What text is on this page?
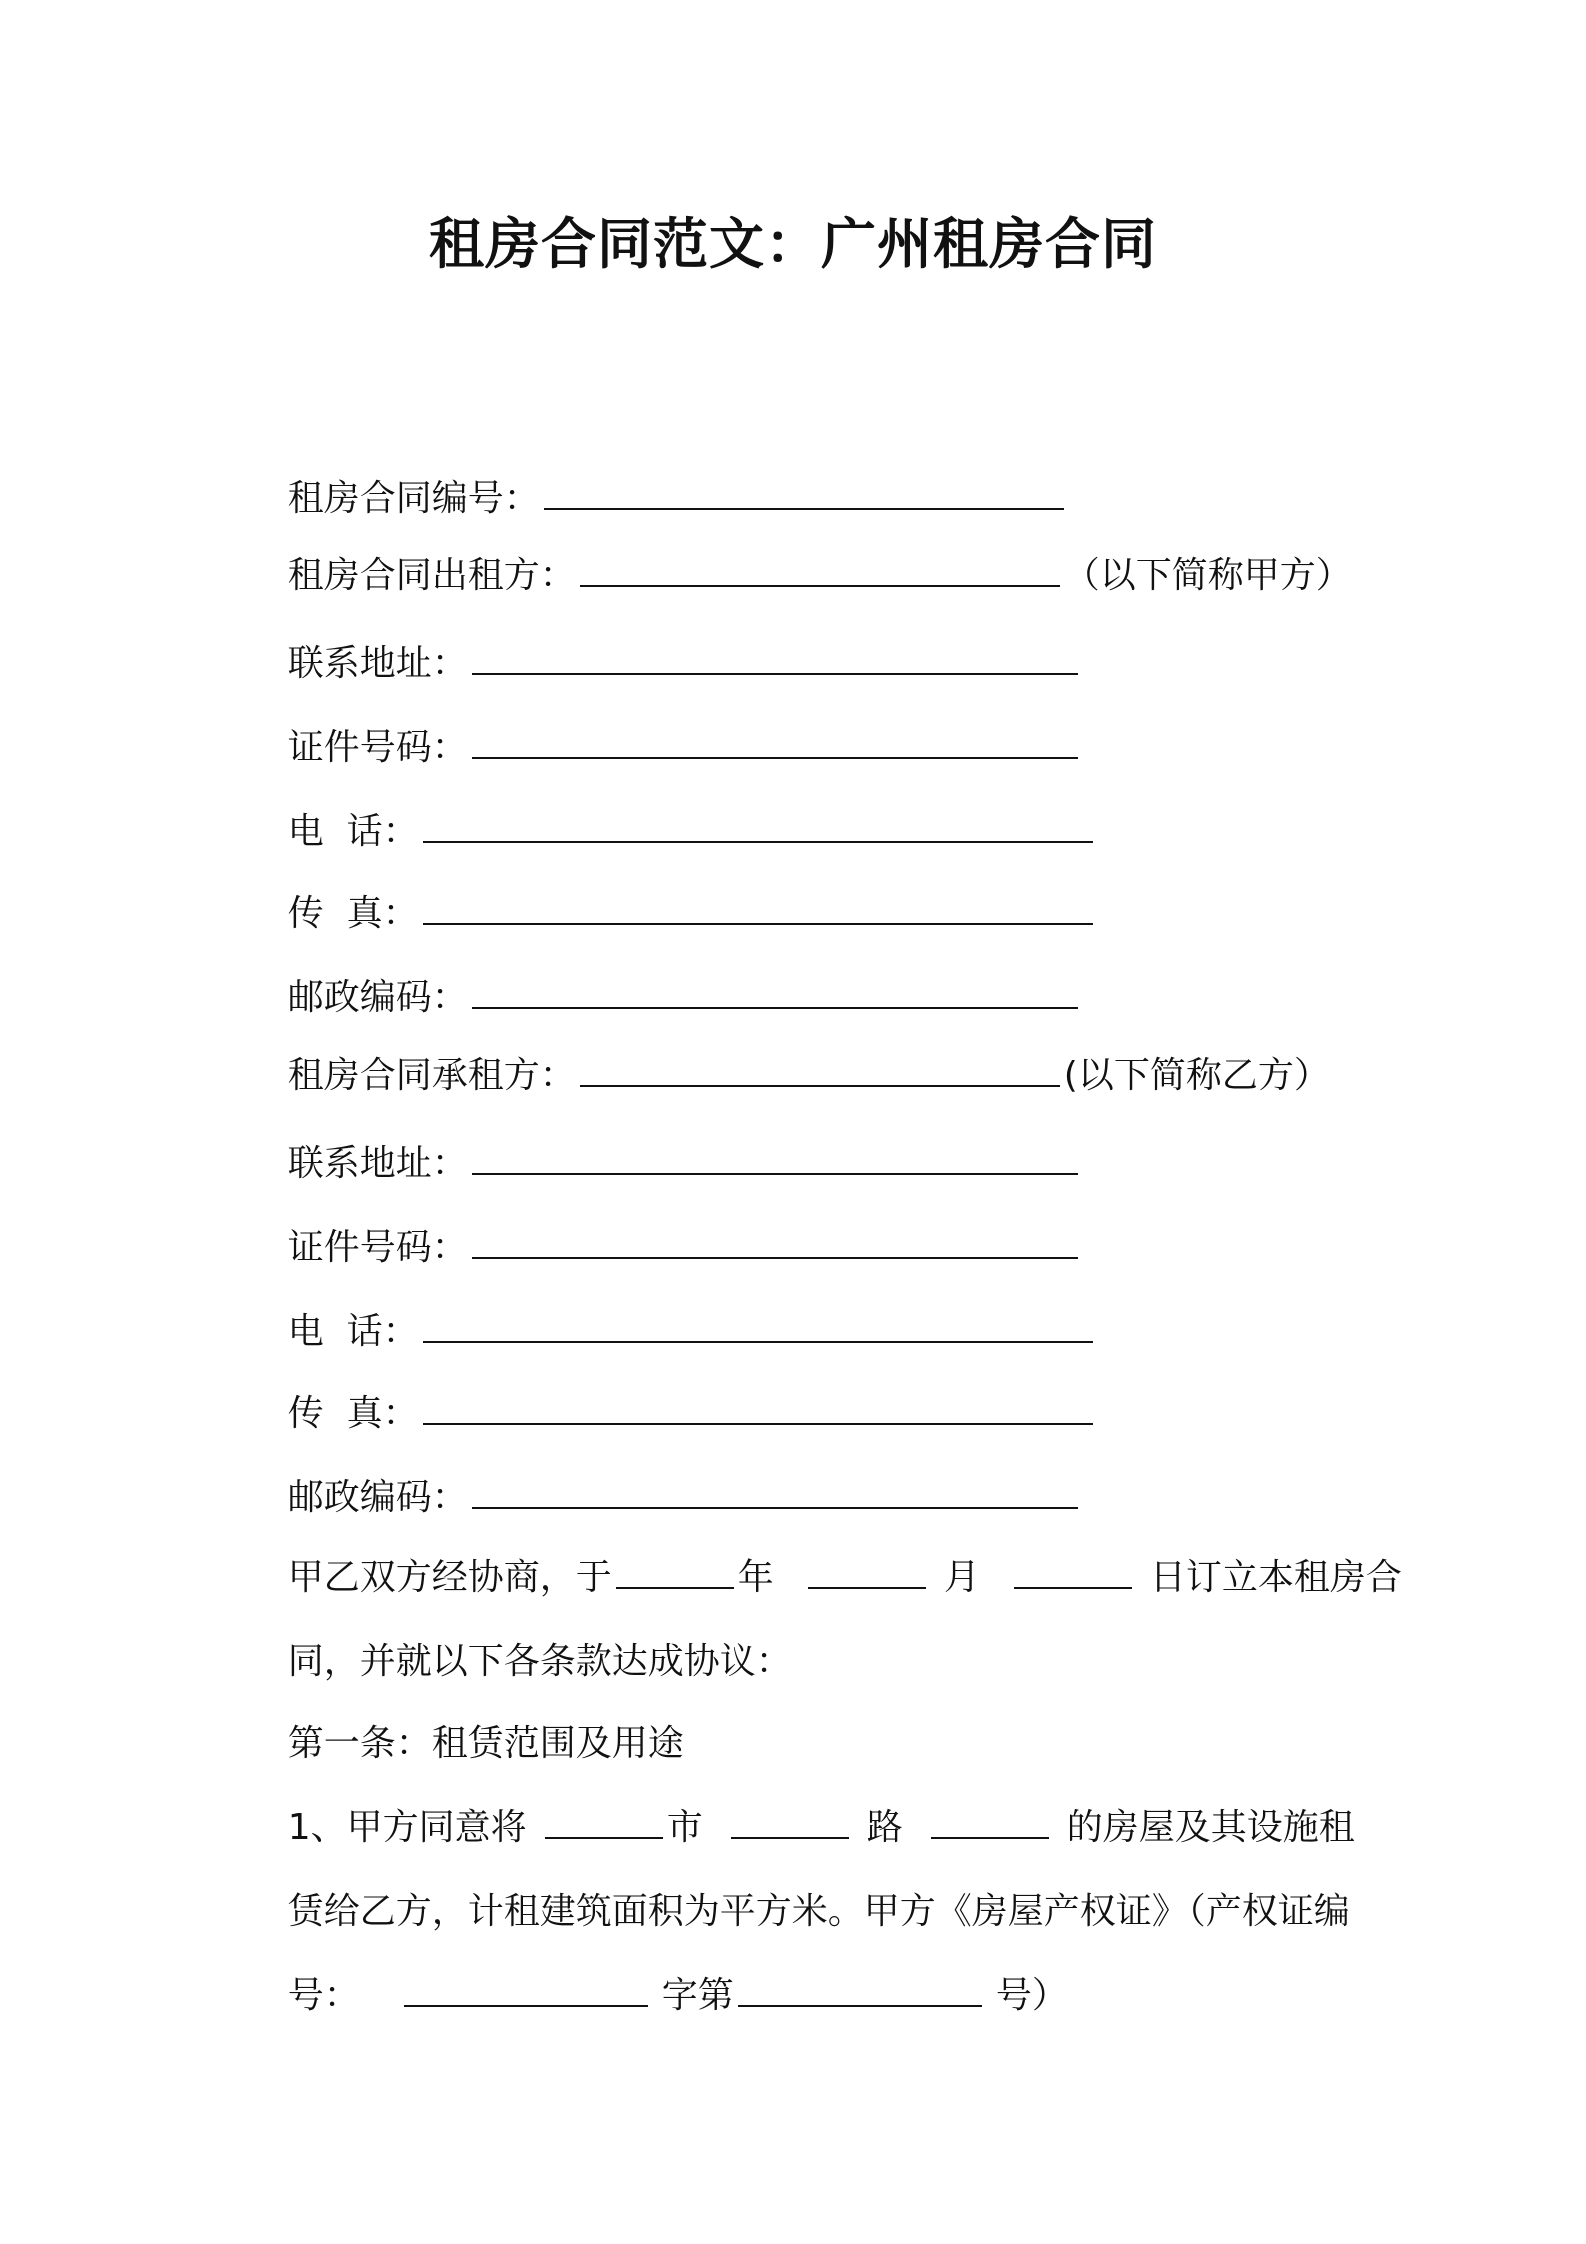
租房合同范文：广州租房合同

租房合同编号：

租房合同出租方：	（以下简称甲方）

联系地址：

证件号码：

电  话：

传  真：

邮政编码：

租房合同承租方：	(以下简称乙方）

联系地址：

证件号码：

电  话：

传  真：

邮政编码：

甲乙双方经协商，于	年	月	日订立本租房合

同，并就以下各条款达成协议：

第一条：租赁范围及用途

1、甲方同意将	市	路	的房屋及其设施租

赁给乙方，计租建筑面积为平方米。甲方《房屋产权证》（产权证编

号：	字第	号）
